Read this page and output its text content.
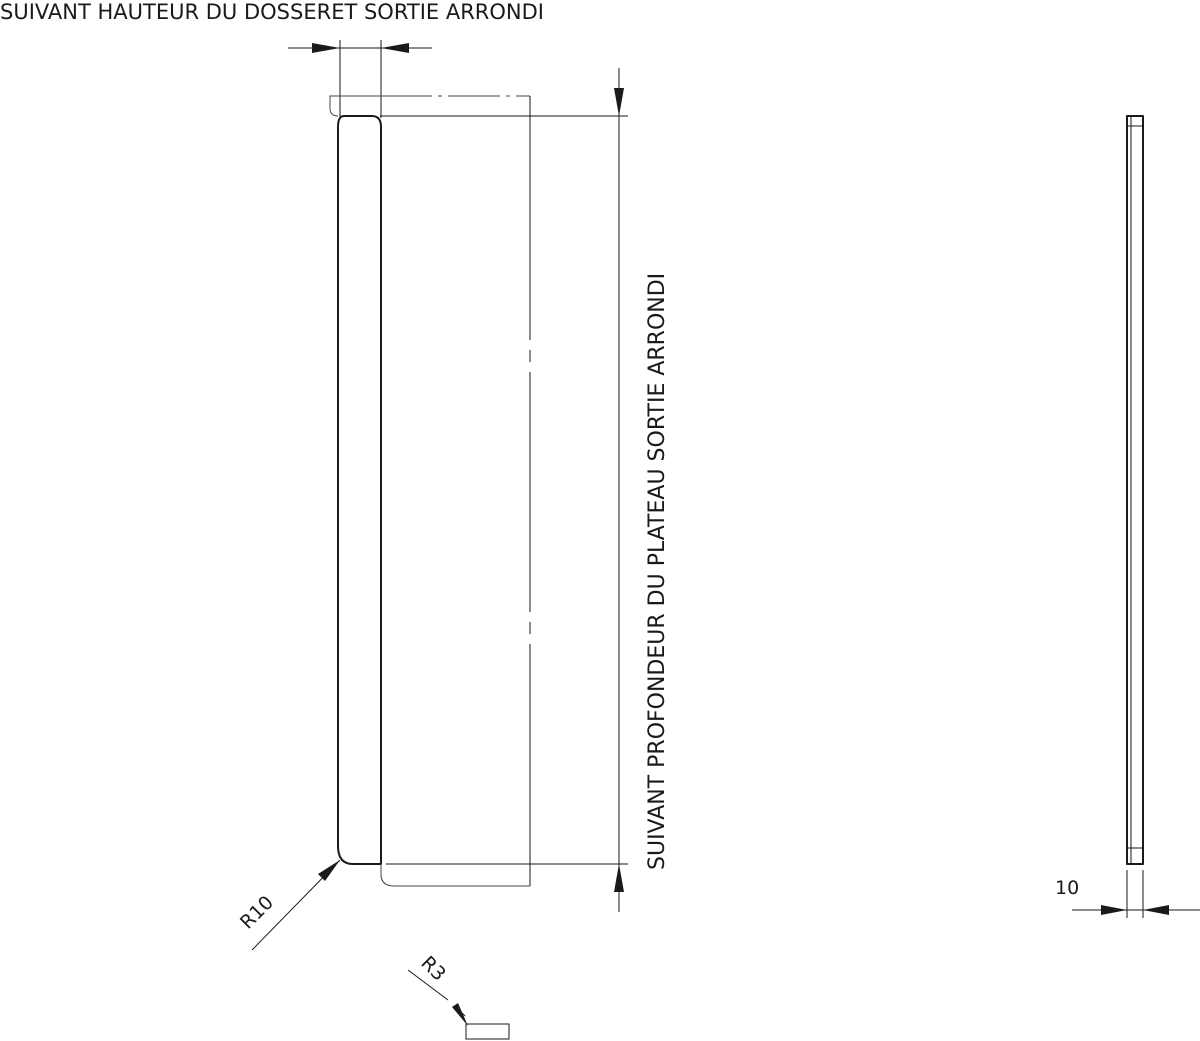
SUIVANT HAUTEUR DU DOSSERET SORTIE ARRONDI
SUIVANT PROFONDEUR DU PLATEAU SORTIE ARRONDI
R10
R3
10
